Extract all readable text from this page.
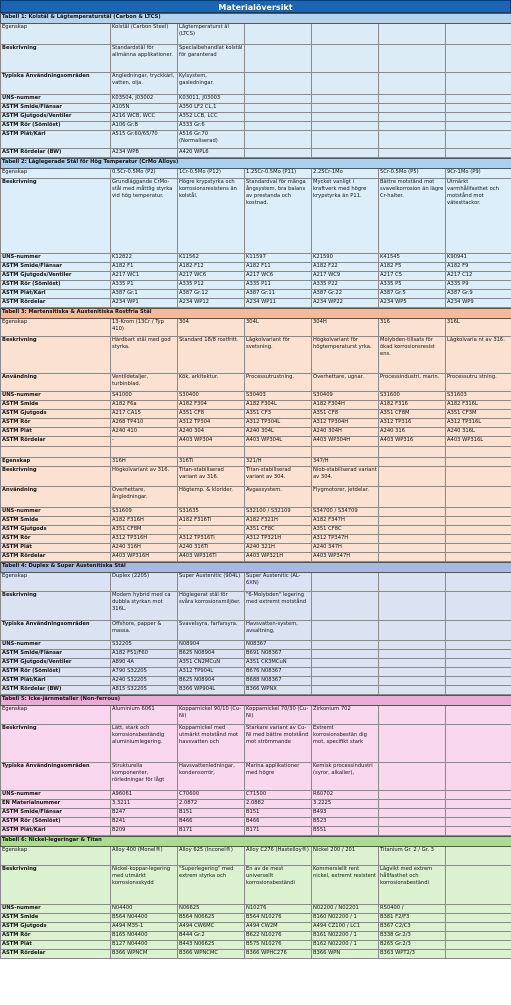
Materialöversikt
Tabell 1: Kolstål & Lågtemperaturstål (Carbon & LTCS)						
Egenskap	Kolstål (Carbon Steel)	Lågtemperaturst ål (LTCS)				
Beskrivning	Standardstål för allmänna applikationer.	Specialbehandlat kolstål för garanterad				
Typiska Användningsområden	Angledningar, tryckkärl, vatten, olja.	Kylsystem, gasledningar.				
UNS-nummer	K03504, J03002	K03011, J03003				
ASTM Smide/Flänsar	A105N	A350 LF2 CL.1				
ASTM Gjutgods/Ventiler	A216 WCB, WCC	A352 LCB, LCC				
ASTM Rör (Sömlöst)	A106 Gr.B	A333 Gr.6				
ASTM Plåt/Kärl	A515 Gr.60/65/70	A516 Gr.70 (Normaliserad)				
ASTM Rördelar (BW)	A234 WPB	A420 WPL6				
Tabell 2: Låglegerade Stål för Hög Temperatur (CrMo Alloys)						
Egenskap	0.5Cr-0.5Mo (P2)	1Cr-0.5Mo (P12)	1.25Cr-0.5Mo (P11)	2.25Cr-1Mo	5Cr-0.5Mo (P5)	9Cr-1Mo (P9)
Beskrivning	Grundläggande CrMo-stål med måttlig styrka vid hög temperatur.	Högre krypstyrka och korrosionsresistens än kolstål.	Standardval för många ångsystem, bra balans av prestanda och kostnad.	Mycket vanligt i kraftverk med högre krypstyrka än P11.	Bättre motstånd mot svavelkorrosion än lägre Cr-halter.	Utmärkt varmhållfasthet och motstånd mot vätesttackor.
UNS-nummer	K12822	K11562	K11597	K21590	K41545	K90941
ASTM Smide/Flänsar	A182 F1	A182 F12	A182 F11	A182 F22	A182 F5	A182 F9
ASTM Gjutgods/Ventiler	A217 WC1	A217 WC6	A217 WC6	A217 WC9	A217 C5	A217 C12
ASTM Rör (Sömlöst)	A335 P1	A335 P12	A335 P11	A335 P22	A335 P5	A335 P9
ASTM Plåt/Kärl	A387 Gr.1	A387 Gr.12	A387 Gr.11	A387 Gr.22	A387 Gr.5	A387 Gr.9
ASTM Rördelar	A234 WP1	A234 WP12	A234 WP11	A234 WP22	A234 WP5	A234 WP9
Tabell 3: Martensitiska & Austenitiska Rostfria Stål						
Egenskap	13-Krom (13Cr / Typ 410)	304	304L	304H	316	316L
Beskrivning	Härdbart stål med god styrka.	Standard 18/8 rostfritt.	Lågkolvariant för svetsning.	Högkolvariant för högtemperaturst yrka.	Molybden-tillsats för ökad korrosionsresist ens.	Lågkolvaria nt av 316.
Användning	Ventildetaljer, turbinblad.	Kök, arkitektur.	Processutrustning.	Överhettare, ugnar.	Processindustri, marin.	Processutru stning.
UNS-nummer	S41000	S30400	S30403	S30409	S31600	S31603
ASTM Smide	A182 F6a	A182 F304	A182 F304L	A182 F304H	A182 F316	A182 F316L
ASTM Gjutgods	A217 CA15	A351 CF8	A351 CF3	A351 CF8	A351 CF8M	A351 CF3M
ASTM Rör	A268 TP410	A312 TP304	A312 TP304L	A312 TP304H	A312 TP316	A312 TP316L
ASTM Plåt	A240 410	A240 304	A240 304L	A240 304H	A240 316	A240 316L
ASTM Rördelar	-	A403 WP304	A403 WP304L	A403 WP304H	A403 WP316	A403 WP316L

Egenskap	316H	316Ti	321/H	347/H		
Beskrivning	Högkolvariant av 316.	Titan-stabiliserad variant av 316.	Titan-stabiliserad variant av 304.	Niob-stabiliserad variant av 304.		
Användning	Överhettare, ångledningar.	Högtemp. & klorider.	Avgassystem.	Flygmotorer, jetdelar.		
UNS-nummer	S31609	S31635	S32100 / S32109	S34700 / S34709		
ASTM Smide	A182 F316H	A182 F316Ti	A182 F321H	A182 F347H		
ASTM Gjutgods	A351 CF8M	-	A351 CF8C	A351 CF8C		
ASTM Rör	A312 TP316H	A312 TP316Ti	A312 TP321H	A312 TP347H		
ASTM Plåt	A240 316H	A240 316Ti	A240 321H	A240 347H		
ASTM Rördelar	A403 WP316H	A403 WP316Ti	A403 WP321H	A403 WP347H		
Tabell 4: Duplex & Super Austenitiska Stål						
Egenskap	Duplex (2205)	Super Austenitic (904L)	Super Austenitic (AL-6XN)			
Beskrivning	Modern hybrid med ca dubbla styrkan mot 316L.	Höglegerat stål för svåra korrosionsmiljöer.	"6-Molybden" legering med extremt motstånd			
Typiska Användningsområden	Offshore, papper & massa.	Svavelsyra, farfarsyra.	Havsvatten-system, avsaltning,			
UNS-nummer	S32205	N08904	N08367			
ASTM Smide/Flänsar	A182 F51/F60	B625 N08904	B691 N08367			
ASTM Gjutgods/Ventiler	A890 4A	A351 CN2MCuN	A351 CK3MCuN			
ASTM Rör (Sömlöst)	A790 S32205	A312 TP904L	B676 N08367			
ASTM Plåt/Kärl	A240 S32205	B625 N08904	B688 N08367			
ASTM Rördelar (BW)	A815 S32205	B366 WP904L	B366 WPNX			
Tabell 5: Icke-järnmetaller (Non-ferrous)						
Egenskap	Aluminium 6061	Kopparnickel 90/10 (Cu-Ni)	Kopparnickel 70/30 (Cu-Ni)	Zirkonium 702		
Beskrivning	Lätt, stark och korrosionsbeständig aluminiumlegering.	Kopparnickel med utmärkt motstånd mot havsvatten och	Starkare variant av Cu-Ni med bättre motstånd mot strömmande	Extremt korrosionsbestän dig mot, specifikt stark		
Typiska Användningsområden	Strukturella komponenter, rörledningar för lågt	Havsvattenledningar, kondensorrör,	Marina applikationer med högre	Kemisk processindustri (syror, alkalier),		
UNS-nummer	A96061	C70600	C71500	R60702		
EN Materialnummer	3.3211	2.0872	2.0882	3.2225		
ASTM Smide/Flänsar	B247	B151	B151	B493		
ASTM Rör (Sömlöst)	B241	B466	B466	B523		
ASTM Plåt/Kärl	B209	B171	B171	B551		
Tabell 6: Nickel-legeringar & Titan						
Egenskap	Alloy 400 (Monel®)	Alloy 625 (Inconel®)	Alloy C276 (Hastelloy®)	Nickel 200 / 201	Titanium Gr. 2 / Gr. 3	
Beskrivning	Nickel-koppar-legering med utmärkt korrosionsskydd	"Superlegering" med extrem styrka och	En av de mest universellt korrosionsbeständi	Kommersiellt rent nickel, extremt resistent	Lågvikt med extrem hållfasthet och korrosionsbeständi	
UNS-nummer	N04400	N06625	N10276	N02200 / N02201	R50400 /	
ASTM Smide	B564 N04400	B564 N06625	B564 N10276	B160 N02200 / 1	B381 F2/F3	
ASTM Gjutgods	A494 M35-1	A494 CW6MC	A494 CW2M	A494 CZ100 / LC1	B367 C2/C3	
ASTM Rör	B165 N04400	B444 Gr.2	B622 N10276	B161 N02200 / 1	B338 Gr.2/3	
ASTM Plåt	B127 N04400	B443 N06625	B575 N10276	B162 N02200 / 1	B265 Gr.2/3	
ASTM Rördelar	B366 WPNCM	B366 WPNCMC	B366 WPHC276	B366 WPN	B363 WPT2/3	
